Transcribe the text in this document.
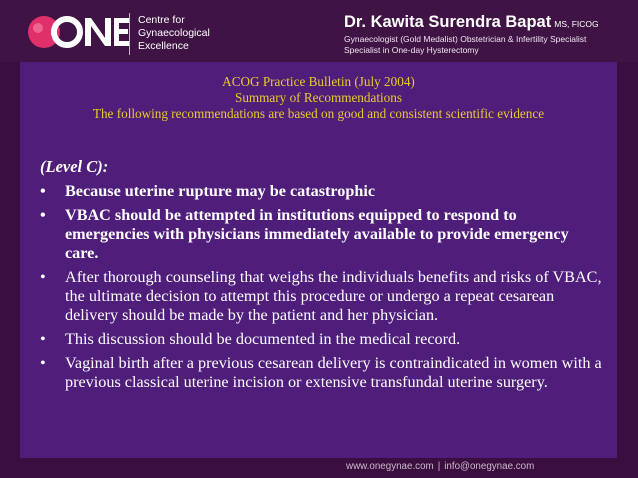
Centre for
Gynaecological
Excellence
Dr. Kawita Surendra Bapat MS, FICOG
Gynaecologist (Gold Medalist) Obstetrician & Infertility Specialist
Specialist in One-day Hysterectomy
ACOG Practice Bulletin (July 2004)
Summary of Recommendations
The following recommendations are based on good and consistent scientific evidence
(Level C):
• Because uterine rupture may be catastrophic
• VBAC should be attempted in institutions equipped to respond to emergencies with physicians immediately available to provide emergency care.
• After thorough counseling that weighs the individuals benefits and risks of VBAC, the ultimate decision to attempt this procedure or undergo a repeat cesarean delivery should be made by the patient and her physician.
• This discussion should be documented in the medical record.
• Vaginal birth after a previous cesarean delivery is contraindicated in women with a previous classical uterine incision or extensive transfundal uterine surgery.
www.onegynae.com | info@onegynae.com
